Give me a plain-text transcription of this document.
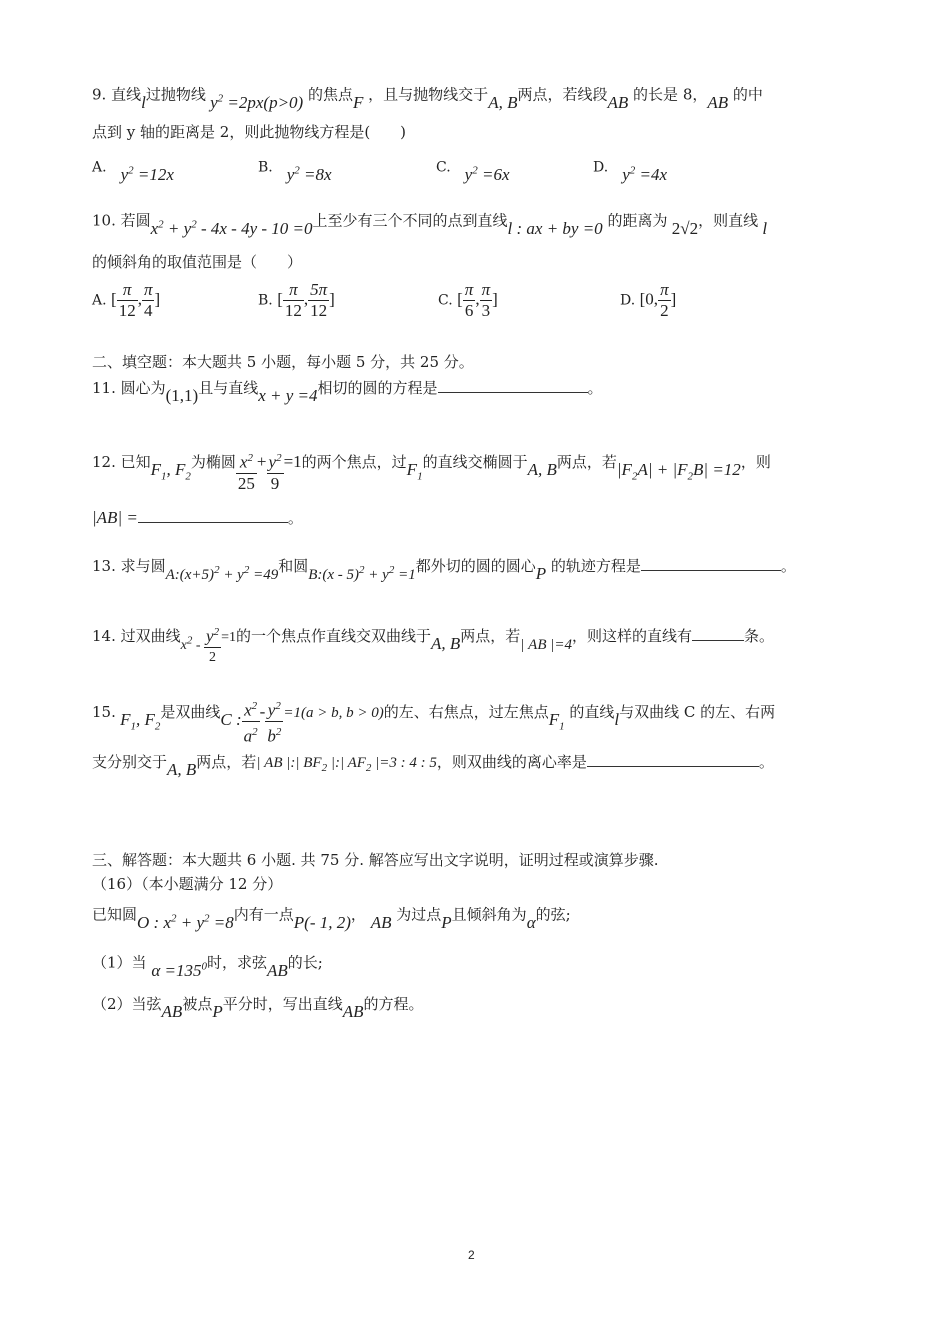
9. 直线l过抛物线 $y^2 =2px(p>0)$ 的焦点F ，且与抛物线交于A, B两点，若线段AB 的长是 8，AB 的中
点到 y 轴的距离是 2，则此抛物线方程是(　　)
A. $y^2 =12x$	B. $y^2 =8x$	C. $y^2 =6x$	D. $y^2 =4x$
10. 若圆$x^2 + y^2 - 4x - 4y - 10 =0$上至少有三个不同的点到直线l : ax + by =0 的距离为 2√2，则直线 l
的倾斜角的取值范围是（　　）
A. [ $\frac{\pi}{12}$ , $\frac{\pi}{4}$ ]	B. [ $\frac{\pi}{12}$ , $\frac{5\pi}{12}$ ]	C. [ $\frac{\pi}{6}$ , $\frac{\pi}{3}$ ]	D. [0, $\frac{\pi}{2}$ ]
二、填空题：本大题共 5 小题，每小题 5 分，共 25 分。
11. 圆心为(1,1)且与直线x + y =4相切的圆的方程是	。
12. 已知$F_1$, $F_2$为椭圆 $\frac{x^2}{25} + \frac{y^2}{9} =1$的两个焦点，过$F_1$的直线交椭圆于A, B两点，若$|F_2A| + |F_2B| =12$，则
|AB| =	。
13. 求与圆$A:(x+5)^2 + y^2 =49$和圆B:(x - $5)^2 + y^2 =1$都外切的圆的圆心P 的轨迹方程是	。
14. 过双曲线$x^2 - \frac{y^2}{2} =1$的一个焦点作直线交双曲线于A, B两点，若| AB |=4，则这样的直线有	条。
15. $F_1$, $F_2$是双曲线C : $\frac{x^2}{a^2} - \frac{y^2}{b^2} =1(a > b$, b > 0)的左、右焦点，过左焦点$F_1$ 的直线l与双曲线 C 的左、右两
支分别交于A, B两点，若| AB |:| $BF_2$ |:| $AF_2$ |=3 : 4 : 5，则双曲线的离心率是	。
三、解答题：本大题共 6 小题. 共 75 分. 解答应写出文字说明，证明过程或演算步骤.
（16）（本小题满分 12 分）
已知圆O : $x^2 + y^2 =8$内有一点P(- 1, 2)， AB 为过点P且倾斜角为α的弦;
（1）当 $\alpha =135^0$时，求弦AB的长;
（2）当弦AB被点P平分时，写出直线AB的方程。
2
